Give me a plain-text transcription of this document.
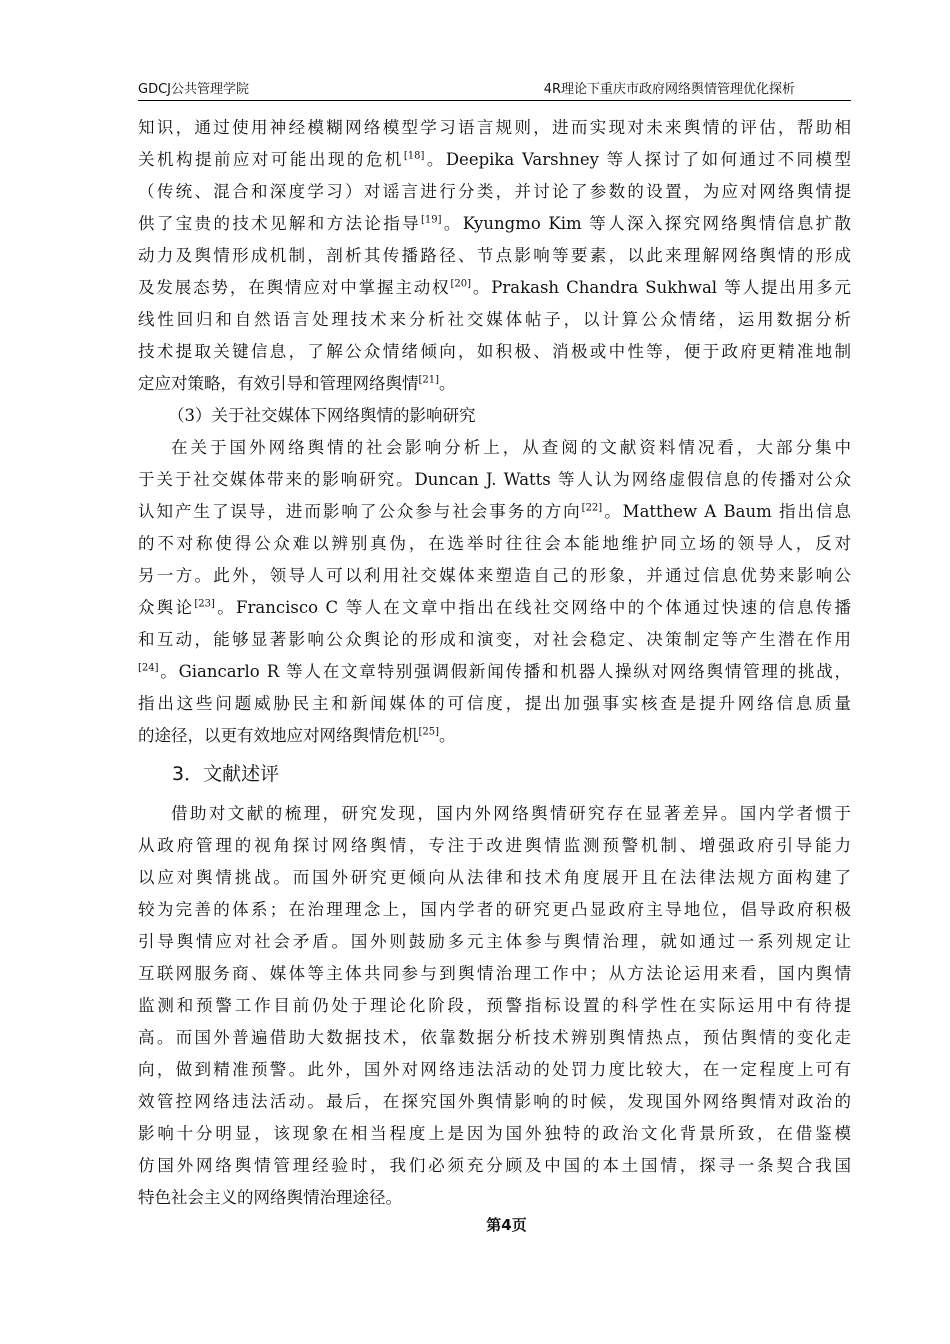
GDCJ公共管理学院	4R理论下重庆市政府网络舆情管理优化探析
知识，通过使用神经模糊网络模型学习语言规则，进而实现对未来舆情的评估，帮助相
关机构提前应对可能出现的危机[18]。Deepika Varshney 等人探讨了如何通过不同模型
（传统、混合和深度学习）对谣言进行分类，并讨论了参数的设置，为应对网络舆情提
供了宝贵的技术见解和方法论指导[19]。Kyungmo Kim 等人深入探究网络舆情信息扩散
动力及舆情形成机制，剖析其传播路径、节点影响等要素，以此来理解网络舆情的形成
及发展态势，在舆情应对中掌握主动权[20]。Prakash Chandra Sukhwal 等人提出用多元
线性回归和自然语言处理技术来分析社交媒体帖子，以计算公众情绪，运用数据分析
技术提取关键信息，了解公众情绪倾向，如积极、消极或中性等，便于政府更精准地制
定应对策略，有效引导和管理网络舆情[21]。
（3）关于社交媒体下网络舆情的影响研究
在关于国外网络舆情的社会影响分析上，从查阅的文献资料情况看，大部分集中
于关于社交媒体带来的影响研究。Duncan J. Watts 等人认为网络虚假信息的传播对公众
认知产生了误导，进而影响了公众参与社会事务的方向[22]。Matthew A Baum 指出信息
的不对称使得公众难以辨别真伪，在选举时往往会本能地维护同立场的领导人，反对
另一方。此外，领导人可以利用社交媒体来塑造自己的形象，并通过信息优势来影响公
众舆论[23]。Francisco C 等人在文章中指出在线社交网络中的个体通过快速的信息传播
和互动，能够显著影响公众舆论的形成和演变，对社会稳定、决策制定等产生潜在作用
[24]。Giancarlo R 等人在文章特别强调假新闻传播和机器人操纵对网络舆情管理的挑战，
指出这些问题威胁民主和新闻媒体的可信度，提出加强事实核查是提升网络信息质量
的途径，以更有效地应对网络舆情危机[25]。
3．文献述评
借助对文献的梳理，研究发现，国内外网络舆情研究存在显著差异。国内学者惯于
从政府管理的视角探讨网络舆情，专注于改进舆情监测预警机制、增强政府引导能力
以应对舆情挑战。而国外研究更倾向从法律和技术角度展开且在法律法规方面构建了
较为完善的体系；在治理理念上，国内学者的研究更凸显政府主导地位，倡导政府积极
引导舆情应对社会矛盾。国外则鼓励多元主体参与舆情治理，就如通过一系列规定让
互联网服务商、媒体等主体共同参与到舆情治理工作中；从方法论运用来看，国内舆情
监测和预警工作目前仍处于理论化阶段，预警指标设置的科学性在实际运用中有待提
高。而国外普遍借助大数据技术，依靠数据分析技术辨别舆情热点，预估舆情的变化走
向，做到精准预警。此外，国外对网络违法活动的处罚力度比较大，在一定程度上可有
效管控网络违法活动。最后，在探究国外舆情影响的时候，发现国外网络舆情对政治的
影响十分明显，该现象在相当程度上是因为国外独特的政治文化背景所致，在借鉴模
仿国外网络舆情管理经验时，我们必须充分顾及中国的本土国情，探寻一条契合我国
特色社会主义的网络舆情治理途径。
第4页
